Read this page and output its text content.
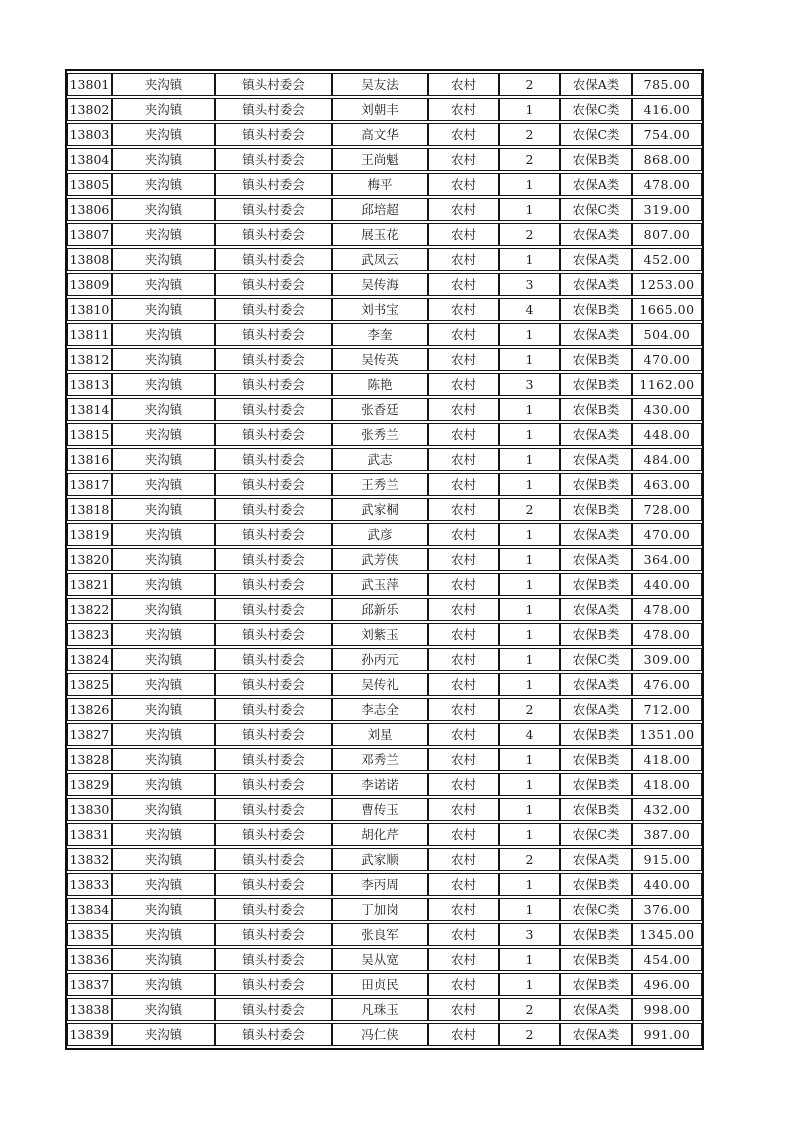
13801	夹沟镇	镇头村委会	吴友法	农村	2	农保A类	785.00
13802	夹沟镇	镇头村委会	刘朝丰	农村	1	农保C类	416.00
13803	夹沟镇	镇头村委会	高文华	农村	2	农保C类	754.00
13804	夹沟镇	镇头村委会	王尚魁	农村	2	农保B类	868.00
13805	夹沟镇	镇头村委会	梅平	农村	1	农保A类	478.00
13806	夹沟镇	镇头村委会	邱培超	农村	1	农保C类	319.00
13807	夹沟镇	镇头村委会	展玉花	农村	2	农保A类	807.00
13808	夹沟镇	镇头村委会	武凤云	农村	1	农保A类	452.00
13809	夹沟镇	镇头村委会	吴传海	农村	3	农保A类	1253.00
13810	夹沟镇	镇头村委会	刘书宝	农村	4	农保B类	1665.00
13811	夹沟镇	镇头村委会	李奎	农村	1	农保A类	504.00
13812	夹沟镇	镇头村委会	吴传英	农村	1	农保B类	470.00
13813	夹沟镇	镇头村委会	陈艳	农村	3	农保B类	1162.00
13814	夹沟镇	镇头村委会	张香廷	农村	1	农保B类	430.00
13815	夹沟镇	镇头村委会	张秀兰	农村	1	农保A类	448.00
13816	夹沟镇	镇头村委会	武志	农村	1	农保A类	484.00
13817	夹沟镇	镇头村委会	王秀兰	农村	1	农保B类	463.00
13818	夹沟镇	镇头村委会	武家桐	农村	2	农保B类	728.00
13819	夹沟镇	镇头村委会	武彦	农村	1	农保A类	470.00
13820	夹沟镇	镇头村委会	武芳侠	农村	1	农保A类	364.00
13821	夹沟镇	镇头村委会	武玉萍	农村	1	农保B类	440.00
13822	夹沟镇	镇头村委会	邱新乐	农村	1	农保A类	478.00
13823	夹沟镇	镇头村委会	刘紫玉	农村	1	农保B类	478.00
13824	夹沟镇	镇头村委会	孙丙元	农村	1	农保C类	309.00
13825	夹沟镇	镇头村委会	吴传礼	农村	1	农保A类	476.00
13826	夹沟镇	镇头村委会	李志全	农村	2	农保A类	712.00
13827	夹沟镇	镇头村委会	刘星	农村	4	农保B类	1351.00
13828	夹沟镇	镇头村委会	邓秀兰	农村	1	农保B类	418.00
13829	夹沟镇	镇头村委会	李诺诺	农村	1	农保B类	418.00
13830	夹沟镇	镇头村委会	曹传玉	农村	1	农保B类	432.00
13831	夹沟镇	镇头村委会	胡化芹	农村	1	农保C类	387.00
13832	夹沟镇	镇头村委会	武家顺	农村	2	农保A类	915.00
13833	夹沟镇	镇头村委会	李丙周	农村	1	农保B类	440.00
13834	夹沟镇	镇头村委会	丁加岗	农村	1	农保C类	376.00
13835	夹沟镇	镇头村委会	张良军	农村	3	农保B类	1345.00
13836	夹沟镇	镇头村委会	吴从宽	农村	1	农保B类	454.00
13837	夹沟镇	镇头村委会	田贞民	农村	1	农保B类	496.00
13838	夹沟镇	镇头村委会	凡珠玉	农村	2	农保A类	998.00
13839	夹沟镇	镇头村委会	冯仁侠	农村	2	农保A类	991.00
